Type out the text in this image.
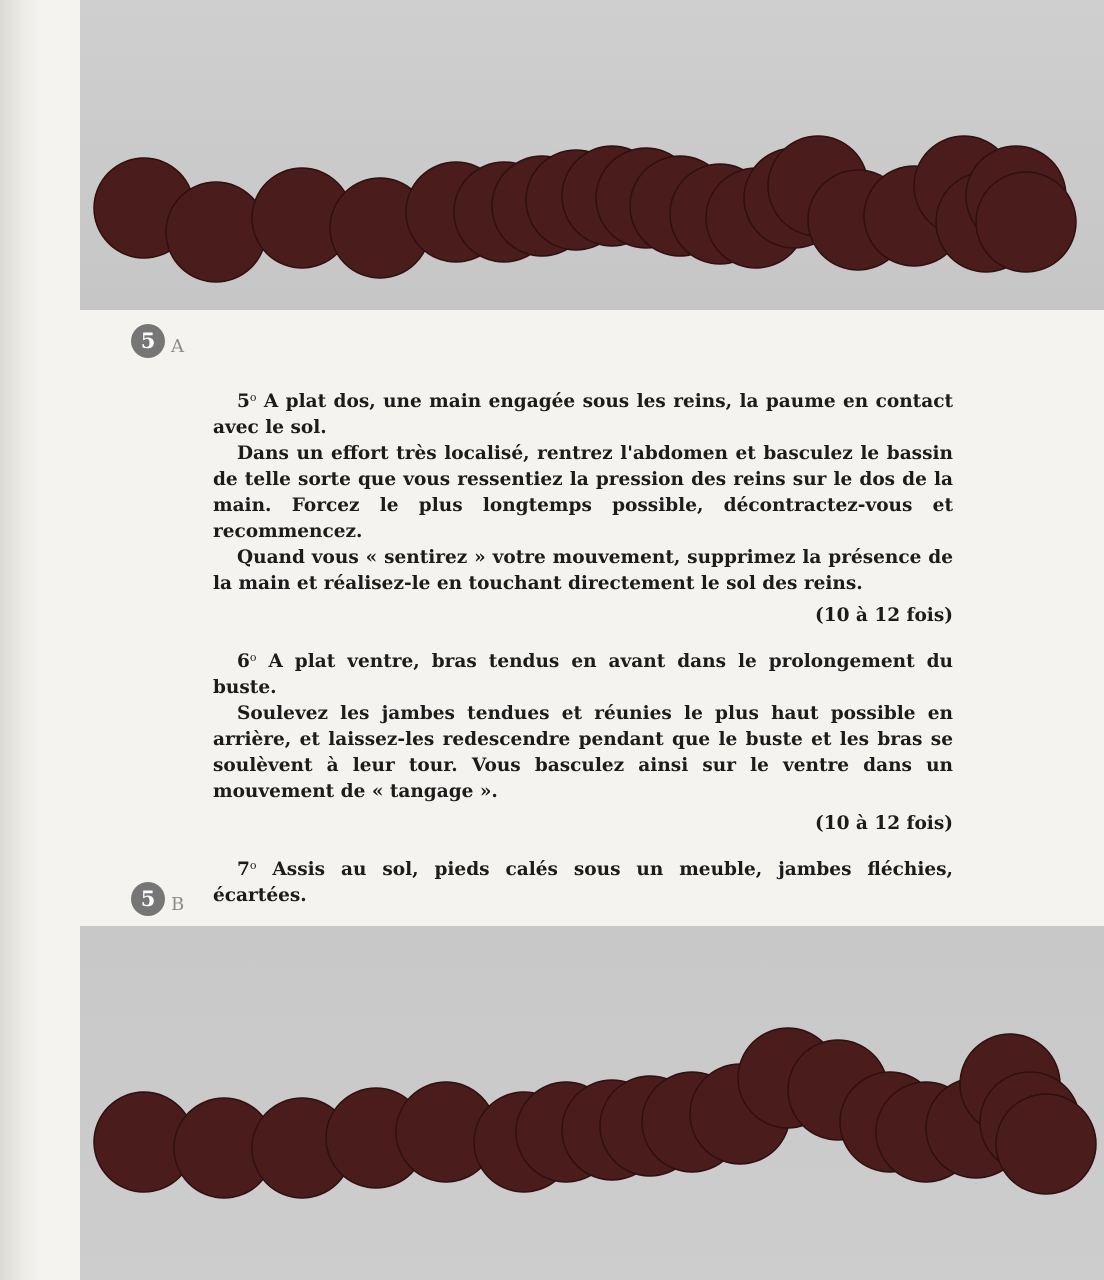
5 A

5$^o$ A plat dos, une main engagée sous les reins, la paume en contact avec le sol.

Dans un effort très localisé, rentrez l'abdomen et basculez le bassin de telle sorte que vous ressentiez la pression des reins sur le dos de la main. Forcez le plus longtemps possible, décontractez-vous et recommencez.

Quand vous « sentirez » votre mouvement, supprimez la présence de la main et réalisez-le en touchant directement le sol des reins.

(10 à 12 fois)

6$^o$ A plat ventre, bras tendus en avant dans le prolongement du buste.

Soulevez les jambes tendues et réunies le plus haut possible en arrière, et laissez-les redescendre pendant que le buste et les bras se soulèvent à leur tour. Vous basculez ainsi sur le ventre dans un mouvement de « tangage ».

(10 à 12 fois)

7$^o$ Assis au sol, pieds calés sous un meuble, jambes fléchies, écartées.

5 B
